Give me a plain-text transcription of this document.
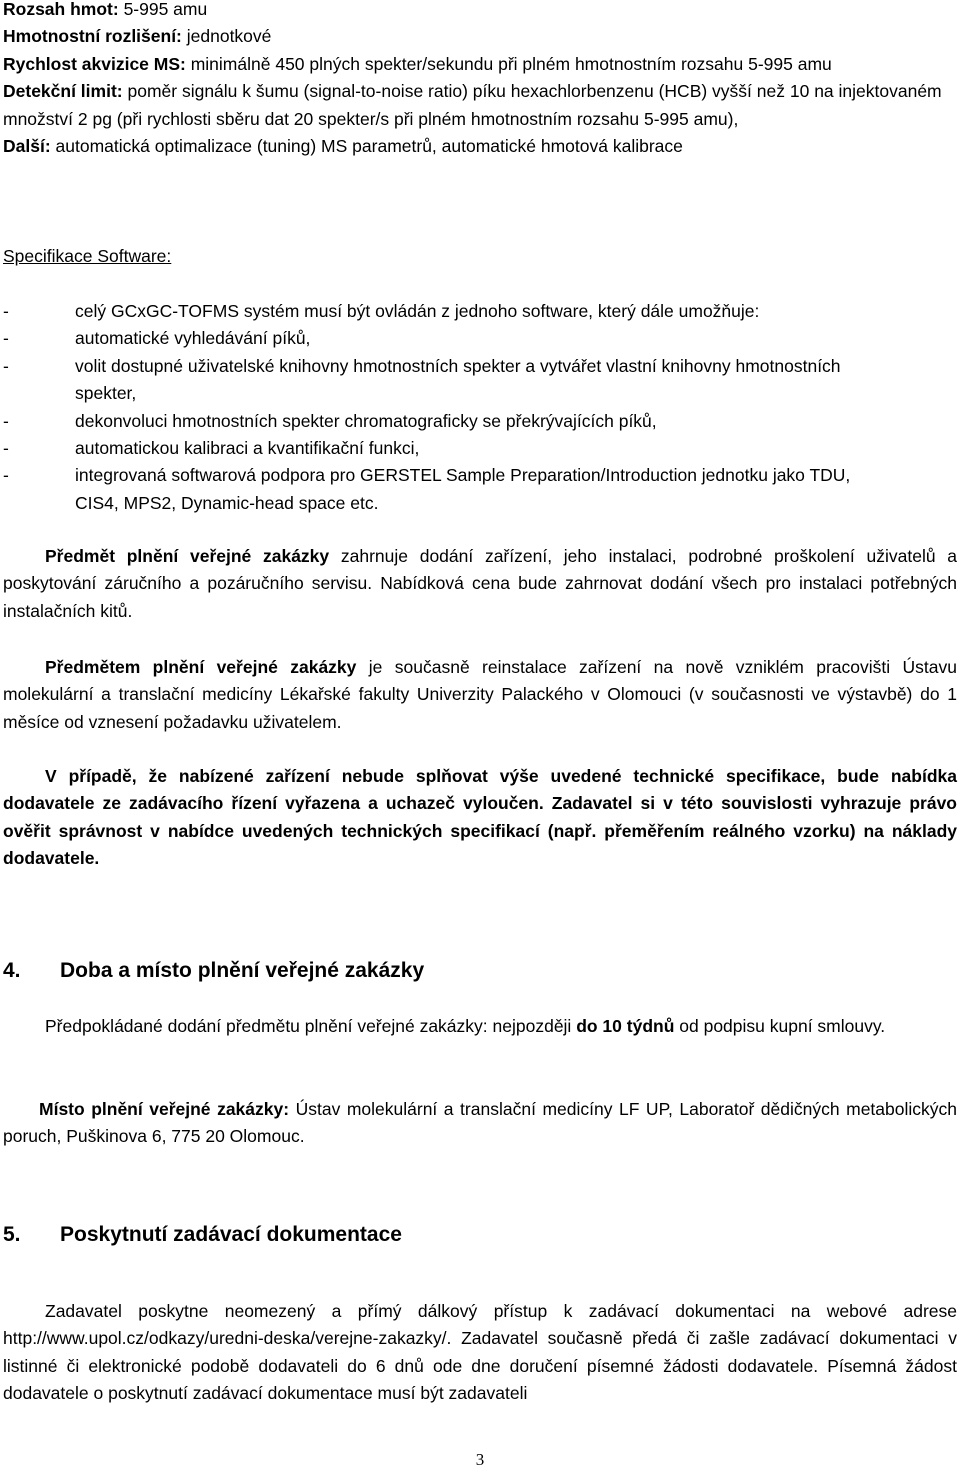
Rozsah hmot: 5-995 amu

Hmotnostní rozlišení: jednotkové

Rychlost akvizice MS: minimálně 450 plných spekter/sekundu při plném hmotnostním rozsahu 5-995 amu

Detekční limit: poměr signálu k šumu (signal-to-noise ratio) píku hexachlorbenzenu (HCB) vyšší než 10 na injektovaném množství 2 pg (při rychlosti sběru dat 20 spekter/s při plném hmotnostním rozsahu 5-995 amu),

Další: automatická optimalizace (tuning) MS parametrů, automatické hmotová kalibrace

Specifikace Software:

-	celý GCxGC-TOFMS systém musí být ovládán z jednoho software, který dále umožňuje:
-	automatické vyhledávání píků,
-	volit dostupné uživatelské knihovny hmotnostních spekter a vytvářet vlastní knihovny hmotnostních spekter,
-	dekonvoluci hmotnostních spekter chromatograficky se překrývajících píků,
-	automatickou kalibraci a kvantifikační funkci,
-	integrovaná softwarová podpora pro GERSTEL Sample Preparation/Introduction jednotku jako TDU, CIS4, MPS2, Dynamic-head space etc.

Předmět plnění veřejné zakázky zahrnuje dodání zařízení, jeho instalaci, podrobné proškolení uživatelů a poskytování záručního a pozáručního servisu. Nabídková cena bude zahrnovat dodání všech pro instalaci potřebných instalačních kitů.

Předmětem plnění veřejné zakázky je současně reinstalace zařízení na nově vzniklém pracovišti Ústavu molekulární a translační medicíny Lékařské fakulty Univerzity Palackého v Olomouci (v současnosti ve výstavbě) do 1 měsíce od vznesení požadavku uživatelem.

V případě, že nabízené zařízení nebude splňovat výše uvedené technické specifikace, bude nabídka dodavatele ze zadávacího řízení vyřazena a uchazeč vyloučen. Zadavatel si v této souvislosti vyhrazuje právo ověřit správnost v nabídce uvedených technických specifikací (např. přeměřením reálného vzorku) na náklady dodavatele.

4. Doba a místo plnění veřejné zakázky

Předpokládané dodání předmětu plnění veřejné zakázky: nejpozději do 10 týdnů od podpisu kupní smlouvy.

Místo plnění veřejné zakázky: Ústav molekulární a translační medicíny LF UP, Laboratoř dědičných metabolických poruch, Puškinova 6, 775 20 Olomouc.

5. Poskytnutí zadávací dokumentace

Zadavatel poskytne neomezený a přímý dálkový přístup k zadávací dokumentaci na webové adrese http://www.upol.cz/odkazy/uredni-deska/verejne-zakazky/. Zadavatel současně předá či zašle zadávací dokumentaci v listinné či elektronické podobě dodavateli do 6 dnů ode dne doručení písemné žádosti dodavatele. Písemná žádost dodavatele o poskytnutí zadávací dokumentace musí být zadavateli

3
